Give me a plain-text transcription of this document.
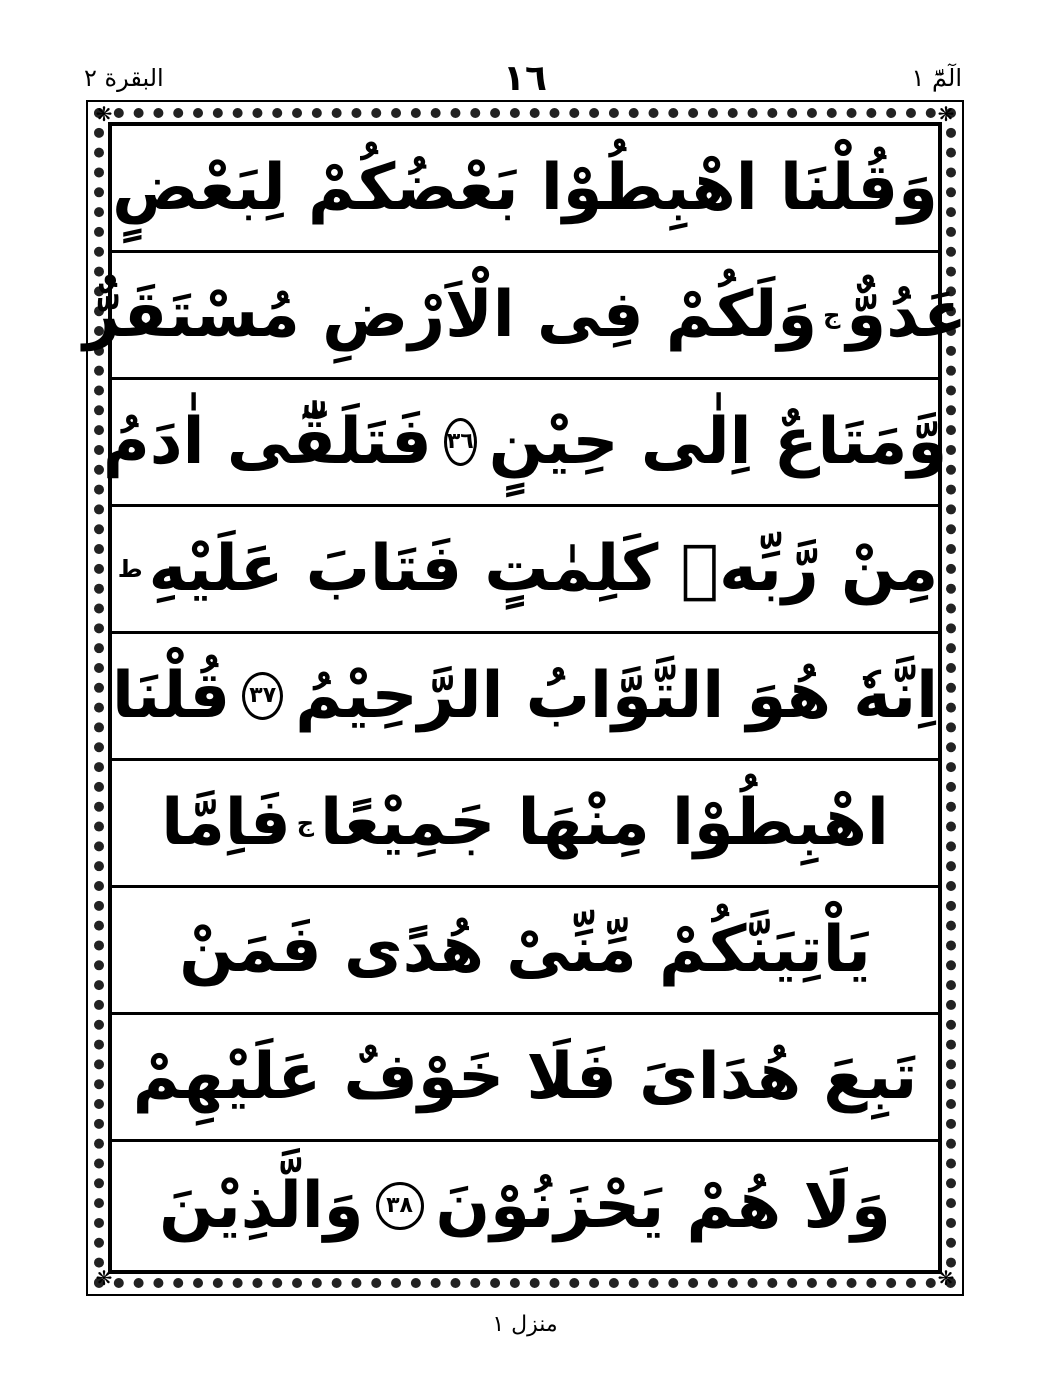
البقرة ٢	١٦	الٓمّٓ ١
❋	❋
❋	❋
وَقُلْنَا اهْبِطُوْا بَعْضُكُمْ لِبَعْضٍ
عَدُوٌّ
ج
وَلَكُمْ فِى الْاَرْضِ مُسْتَقَرٌّ
وَّمَتَاعٌ اِلٰى حِيْنٍ
٣٦
فَتَلَقّٰٓى اٰدَمُ
مِنْ رَّبِّهٖ كَلِمٰتٍ فَتَابَ عَلَيْهِ
ط
اِنَّهٗ هُوَ التَّوَّابُ الرَّحِيْمُ
٣٧
قُلْنَا
اهْبِطُوْا مِنْهَا جَمِيْعًا
ج
فَاِمَّا
يَاْتِيَنَّكُمْ مِّنِّىْ هُدًى فَمَنْ
تَبِعَ هُدَاىَ فَلَا خَوْفٌ عَلَيْهِمْ
وَلَا هُمْ يَحْزَنُوْنَ
٣٨
وَالَّذِيْنَ
منزل ١
